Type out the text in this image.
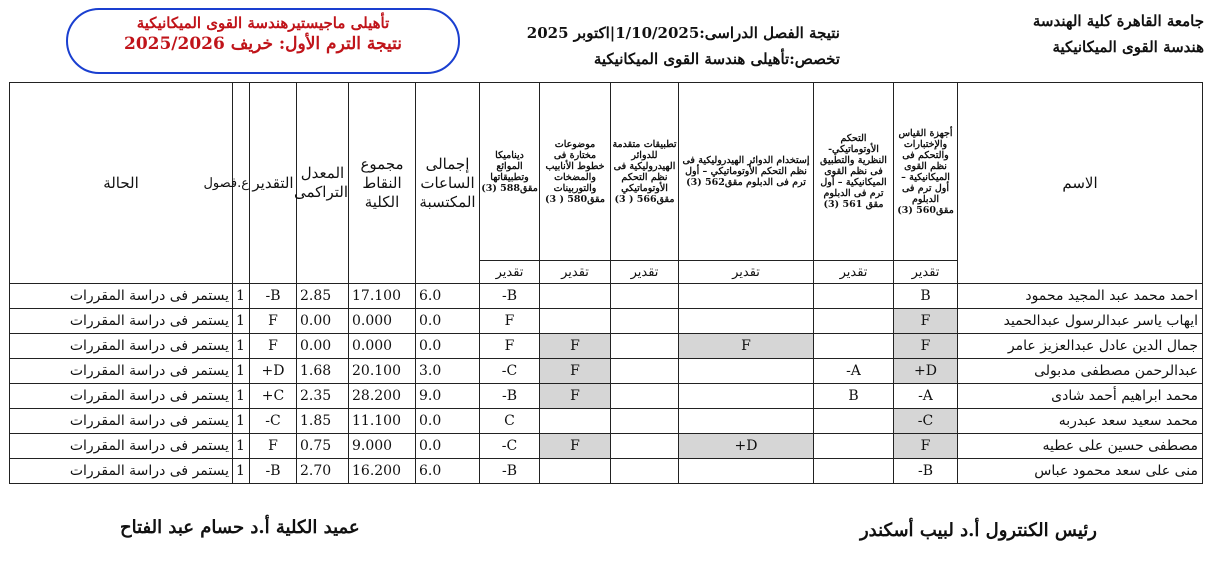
جامعة القاهرة كلية الهندسة
هندسة القوى الميكانيكية
نتيجة الفصل الدراسى:1/10/2025|اكتوبر 2025
تخصص:تأهيلى هندسة القوى الميكانيكية
تأهيلى ماجيستيرهندسة القوى الميكانيكية
نتيجة الترم الأول: خريف 2025/2026
الاسم	أجهزة القياس والإختبارات والتحكم فى نظم القوى الميكانيكية – أول ترم فى الدبلوم مقق560 (3)	التحكم الأوتوماتيكي- النظرية والتطبيق فى نظم القوى الميكانيكية – أول ترم فى الدبلوم مقق 561 (3)	إستخدام الدوائر الهيدروليكية فى نظم التحكم الأوتوماتيكي – أول ترم فى الدبلوم مقق562 (3)	تطبيقات متقدمة للدوائر الهيدروليكية فى نظم التحكم الأوتوماتيكي مقق566 ( 3)	موضوعات مختارة فى خطوط الأنابيب والمضخات والتوربينات مقق580 ( 3)	ديناميكا الموائع وتطبيقاتها مقق588 (3)	إجمالى الساعات المكتسبة	مجموع النقاط الكلية	المعدل التراكمى	التقدير	ع.فصول	الحالة
	تقدير	تقدير	تقدير	تقدير	تقدير	تقدير						
احمد محمد عبد المجيد محمود	B					B-	6.0	17.100	2.85	B-	1	يستمر فى دراسة المقررات
ايهاب ياسر عبدالرسول عبدالحميد	F					F	0.0	0.000	0.00	F	1	يستمر فى دراسة المقررات
جمال الدين عادل عبدالعزيز عامر	F		F		F	F	0.0	0.000	0.00	F	1	يستمر فى دراسة المقررات
عبدالرحمن مصطفى مدبولى	D+	A-			F	C-	3.0	20.100	1.68	D+	1	يستمر فى دراسة المقررات
محمد ابراهيم أحمد شادى	A-	B			F	B-	9.0	28.200	2.35	C+	1	يستمر فى دراسة المقررات
محمد سعيد سعد عبدربه	C-					C	0.0	11.100	1.85	C-	1	يستمر فى دراسة المقررات
مصطفى حسين على عطيه	F		D+		F	C-	0.0	9.000	0.75	F	1	يستمر فى دراسة المقررات
منى على سعد محمود عباس	B-					B-	6.0	16.200	2.70	B-	1	يستمر فى دراسة المقررات
رئيس الكنترول أ.د لبيب أسكندر
عميد الكلية أ.د حسام عبد الفتاح
